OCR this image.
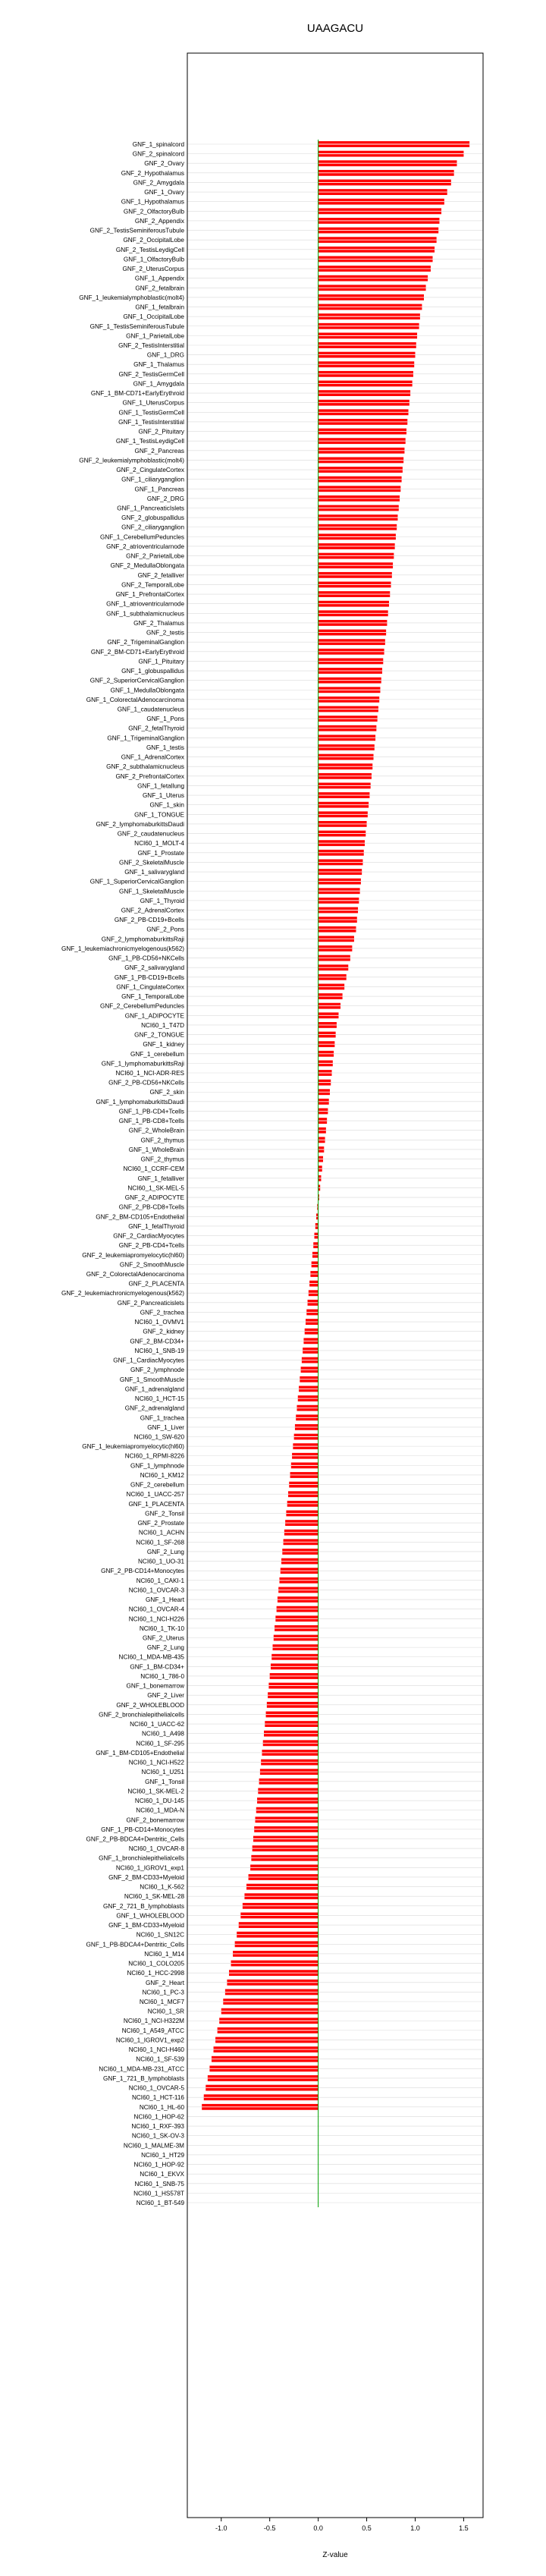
GNF_1_spinalcord
GNF_2_spinalcord
GNF_2_Ovary
GNF_2_Hypothalamus
GNF_2_Amygdala
GNF_1_Ovary
GNF_1_Hypothalamus
GNF_2_OlfactoryBulb
GNF_2_Appendix
GNF_2_TestisSeminiferousTubule
GNF_2_OccipitalLobe
GNF_2_TestisLeydigCell
GNF_1_OlfactoryBulb
GNF_2_UterusCorpus
GNF_1_Appendix
GNF_2_fetalbrain
GNF_1_leukemialymphoblastic(molt4)
GNF_1_fetalbrain
GNF_1_OccipitalLobe
GNF_1_TestisSeminiferousTubule
GNF_1_ParietalLobe
GNF_2_TestisInterstitial
GNF_1_DRG
GNF_1_Thalamus
GNF_2_TestisGermCell
GNF_1_Amygdala
GNF_1_BM-CD71+EarlyErythroid
GNF_1_UterusCorpus
GNF_1_TestisGermCell
GNF_1_TestisInterstitial
GNF_2_Pituitary
GNF_1_TestisLeydigCell
GNF_2_Pancreas
GNF_2_leukemialymphoblastic(molt4)
GNF_2_CingulateCortex
GNF_1_ciliaryganglion
GNF_1_Pancreas
GNF_2_DRG
GNF_1_PancreaticIslets
GNF_2_globuspallidus
GNF_2_ciliaryganglion
GNF_1_CerebellumPeduncles
GNF_2_atrioventricularnode
GNF_2_ParietalLobe
GNF_2_MedullaOblongata
GNF_2_fetalliver
GNF_2_TemporalLobe
GNF_1_PrefrontalCortex
GNF_1_atrioventricularnode
GNF_1_subthalamicnucleus
GNF_2_Thalamus
GNF_2_testis
GNF_2_TrigeminalGanglion
GNF_2_BM-CD71+EarlyErythroid
GNF_1_Pituitary
GNF_1_globuspallidus
GNF_2_SuperiorCervicalGanglion
GNF_1_MedullaOblongata
GNF_1_ColorectalAdenocarcinoma
GNF_1_caudatenucleus
GNF_1_Pons
GNF_2_fetalThyroid
GNF_1_TrigeminalGanglion
GNF_1_testis
GNF_1_AdrenalCortex
GNF_2_subthalamicnucleus
GNF_2_PrefrontalCortex
GNF_1_fetallung
GNF_1_Uterus
GNF_1_skin
GNF_1_TONGUE
GNF_2_lymphomaburkittsDaudi
GNF_2_caudatenucleus
NCI60_1_MOLT-4
GNF_1_Prostate
GNF_2_SkeletalMuscle
GNF_1_salivarygland
GNF_1_SuperiorCervicalGanglion
GNF_1_SkeletalMuscle
GNF_1_Thyroid
GNF_2_AdrenalCortex
GNF_2_PB-CD19+Bcells
GNF_2_Pons
GNF_2_lymphomaburkittsRaji
GNF_1_leukemiachronicmyelogenous(k562)
GNF_1_PB-CD56+NKCells
GNF_2_salivarygland
GNF_1_PB-CD19+Bcells
GNF_1_CingulateCortex
GNF_1_TemporalLobe
GNF_2_CerebellumPeduncles
GNF_1_ADIPOCYTE
NCI60_1_T47D
GNF_2_TONGUE
GNF_1_kidney
GNF_1_cerebellum
GNF_1_lymphomaburkittsRaji
NCI60_1_NCI-ADR-RES
GNF_2_PB-CD56+NKCells
GNF_2_skin
GNF_1_lymphomaburkittsDaudi
GNF_1_PB-CD4+Tcells
GNF_1_PB-CD8+Tcells
GNF_2_WholeBrain
GNF_2_thymus
GNF_1_WholeBrain
GNF_2_thymus
NCI60_1_CCRF-CEM
GNF_1_fetalliver
NCI60_1_SK-MEL-5
GNF_2_ADIPOCYTE
GNF_2_PB-CD8+Tcells
GNF_2_BM-CD105+Endothelial
GNF_1_fetalThyroid
GNF_2_CardiacMyocytes
GNF_2_PB-CD4+Tcells
GNF_2_leukemiapromyelocytic(hl60)
GNF_2_SmoothMuscle
GNF_2_ColorectalAdenocarcinoma
GNF_2_PLACENTA
GNF_2_leukemiachronicmyelogenous(k562)
GNF_2_Pancreaticislets
GNF_2_trachea
NCI60_1_OVMV1
GNF_2_kidney
GNF_2_BM-CD34+
NCI60_1_SNB-19
GNF_1_CardiacMyocytes
GNF_2_lymphnode
GNF_1_SmoothMuscle
GNF_1_adrenalgland
NCI60_1_HCT-15
GNF_2_adrenalgland
GNF_1_trachea
GNF_1_Liver
NCI60_1_SW-620
GNF_1_leukemiapromyelocytic(hl60)
NCI60_1_RPMI-8226
GNF_1_lymphnode
NCI60_1_KM12
GNF_2_cerebellum
NCI60_1_UACC-257
GNF_1_PLACENTA
GNF_2_Tonsil
GNF_2_Prostate
NCI60_1_ACHN
NCI60_1_SF-268
GNF_2_Lung
NCI60_1_UO-31
GNF_2_PB-CD14+Monocytes
NCI60_1_CAKI-1
NCI60_1_OVCAR-3
GNF_1_Heart
NCI60_1_OVCAR-4
NCI60_1_NCI-H226
NCI60_1_TK-10
GNF_2_Uterus
GNF_2_Lung
NCI60_1_MDA-MB-435
GNF_1_BM-CD34+
NCI60_1_786-0
GNF_1_bonemarrow
GNF_2_Liver
GNF_2_WHOLEBLOOD
GNF_2_bronchialepithelialcells
NCI60_1_UACC-62
NCI60_1_A498
NCI60_1_SF-295
GNF_1_BM-CD105+Endothelial
NCI60_1_NCI-H522
NCI60_1_U251
GNF_1_Tonsil
NCI60_1_SK-MEL-2
NCI60_1_DU-145
NCI60_1_MDA-N
GNF_2_bonemarrow
GNF_1_PB-CD14+Monocytes
GNF_2_PB-BDCA4+Dentritic_Cells
NCI60_1_OVCAR-8
GNF_1_bronchialepithelialcells
NCI60_1_IGROV1_exp1
GNF_2_BM-CD33+Myeloid
NCI60_1_K-562
NCI60_1_SK-MEL-28
GNF_2_721_B_lymphoblasts
GNF_1_WHOLEBLOOD
GNF_1_BM-CD33+Myeloid
NCI60_1_SN12C
GNF_1_PB-BDCA4+Dentritic_Cells
NCI60_1_M14
NCI60_1_COLO205
NCI60_1_HCC-2998
GNF_2_Heart
NCI60_1_PC-3
NCI60_1_MCF7
NCI60_1_SR
NCI60_1_NCI-H322M
NCI60_1_A549_ATCC
NCI60_1_IGROV1_exp2
NCI60_1_NCI-H460
NCI60_1_SF-539
NCI60_1_MDA-MB-231_ATCC
GNF_1_721_B_lymphoblasts
NCI60_1_OVCAR-5
NCI60_1_HCT-116
NCI60_1_HL-60
NCI60_1_HOP-62
NCI60_1_RXF-393
NCI60_1_SK-OV-3
NCI60_1_MALME-3M
NCI60_1_HT29
NCI60_1_HOP-92
NCI60_1_EKVX
NCI60_1_SNB-75
NCI60_1_HS578T
NCI60_1_BT-549
-1.0	-0.5	0.0	0.5	1.0	1.5
UAAGACU
Z-value
